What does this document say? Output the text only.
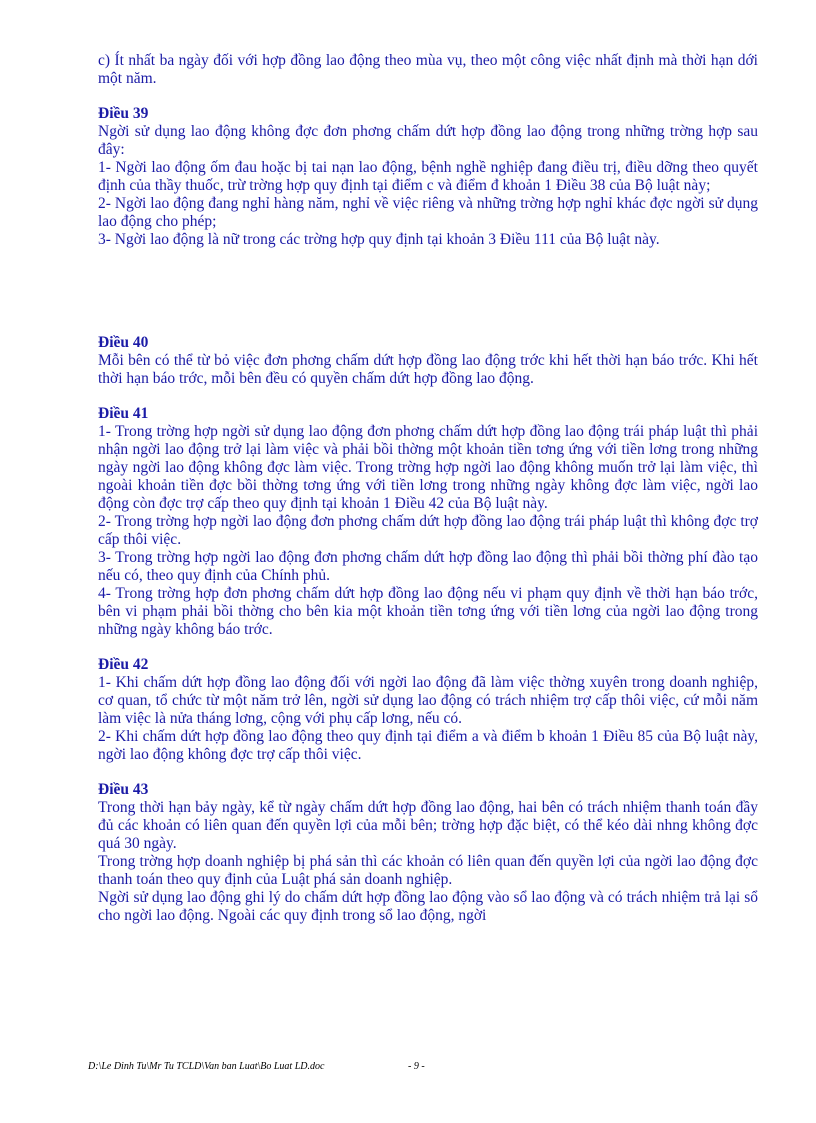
c) Ít nhất ba ngày đối với hợp đồng lao động theo mùa vụ, theo một công việc nhất định mà thời hạn dới một năm.

Điều 39

Ngời sử dụng lao động không đợc đơn phơng chấm dứt hợp đồng lao động trong những trờng hợp sau đây:

1- Ngời lao động ốm đau hoặc bị tai nạn lao động, bệnh nghề nghiệp đang điều trị, điều dỡng theo quyết định của thầy thuốc, trừ trờng hợp quy định tại điểm c và điểm đ khoản 1 Điều 38 của Bộ luật này;

2- Ngời lao động đang nghỉ hàng năm, nghỉ về việc riêng và những trờng hợp nghỉ khác đợc ngời sử dụng lao động cho phép;

3- Ngời lao động là nữ trong các trờng hợp quy định tại khoản 3 Điều 111 của Bộ luật này.

Điều 40

Mỗi bên có thể từ bỏ việc đơn phơng chấm dứt hợp đồng lao động trớc khi hết thời hạn báo trớc. Khi hết thời hạn báo trớc, mỗi bên đều có quyền chấm dứt hợp đồng lao động.

Điều 41

1- Trong trờng hợp ngời sử dụng lao động đơn phơng chấm dứt hợp đồng lao động trái pháp luật thì phải nhận ngời lao động trở lại làm việc và phải bồi thờng một khoản tiền tơng ứng với tiền lơng trong những ngày ngời lao động không đợc làm việc. Trong trờng hợp ngời lao động không muốn trở lại làm việc, thì ngoài khoản tiền đợc bồi thờng tơng ứng với tiền lơng trong những ngày không đợc làm việc, ngời lao động còn đợc trợ cấp theo quy định tại khoản 1 Điều 42 của Bộ luật này.

2- Trong trờng hợp ngời lao động đơn phơng chấm dứt hợp đồng lao động trái pháp luật thì không đợc trợ cấp thôi việc.

3- Trong trờng hợp ngời lao động đơn phơng chấm dứt hợp đồng lao động thì phải bồi thờng phí đào tạo nếu có, theo quy định của Chính phủ.

4- Trong trờng hợp đơn phơng chấm dứt hợp đồng lao động nếu vi phạm quy định về thời hạn báo trớc, bên vi phạm phải bồi thờng cho bên kia một khoản tiền tơng ứng với tiền lơng của ngời lao động trong những ngày không báo trớc.

Điều 42

1- Khi chấm dứt hợp đồng lao động đối với ngời lao động đã làm việc thờng xuyên trong doanh nghiệp, cơ quan, tổ chức từ một năm trở lên, ngời sử dụng lao động có trách nhiệm trợ cấp thôi việc, cứ mỗi năm làm việc là nửa tháng lơng, cộng với phụ cấp lơng, nếu có.

2- Khi chấm dứt hợp đồng lao động theo quy định tại điểm a và điểm b khoản 1 Điều 85 của Bộ luật này, ngời lao động không đợc trợ cấp thôi việc.

Điều 43

Trong thời hạn bảy ngày, kể từ ngày chấm dứt hợp đồng lao động, hai bên có trách nhiệm thanh toán đầy đủ các khoản có liên quan đến quyền lợi của mỗi bên; trờng hợp đặc biệt, có thể kéo dài nhng không đợc quá 30 ngày.

Trong trờng hợp doanh nghiệp bị phá sản thì các khoản có liên quan đến quyền lợi của ngời lao động đợc thanh toán theo quy định của Luật phá sản doanh nghiệp.

Ngời sử dụng lao động ghi lý do chấm dứt hợp đồng lao động vào sổ lao động và có trách nhiệm trả lại sổ cho ngời lao động. Ngoài các quy định trong sổ lao động, ngời

D:\Le Dinh Tu\Mr Tu TCLD\Van ban Luat\Bo Luat LD.doc	- 9 -
